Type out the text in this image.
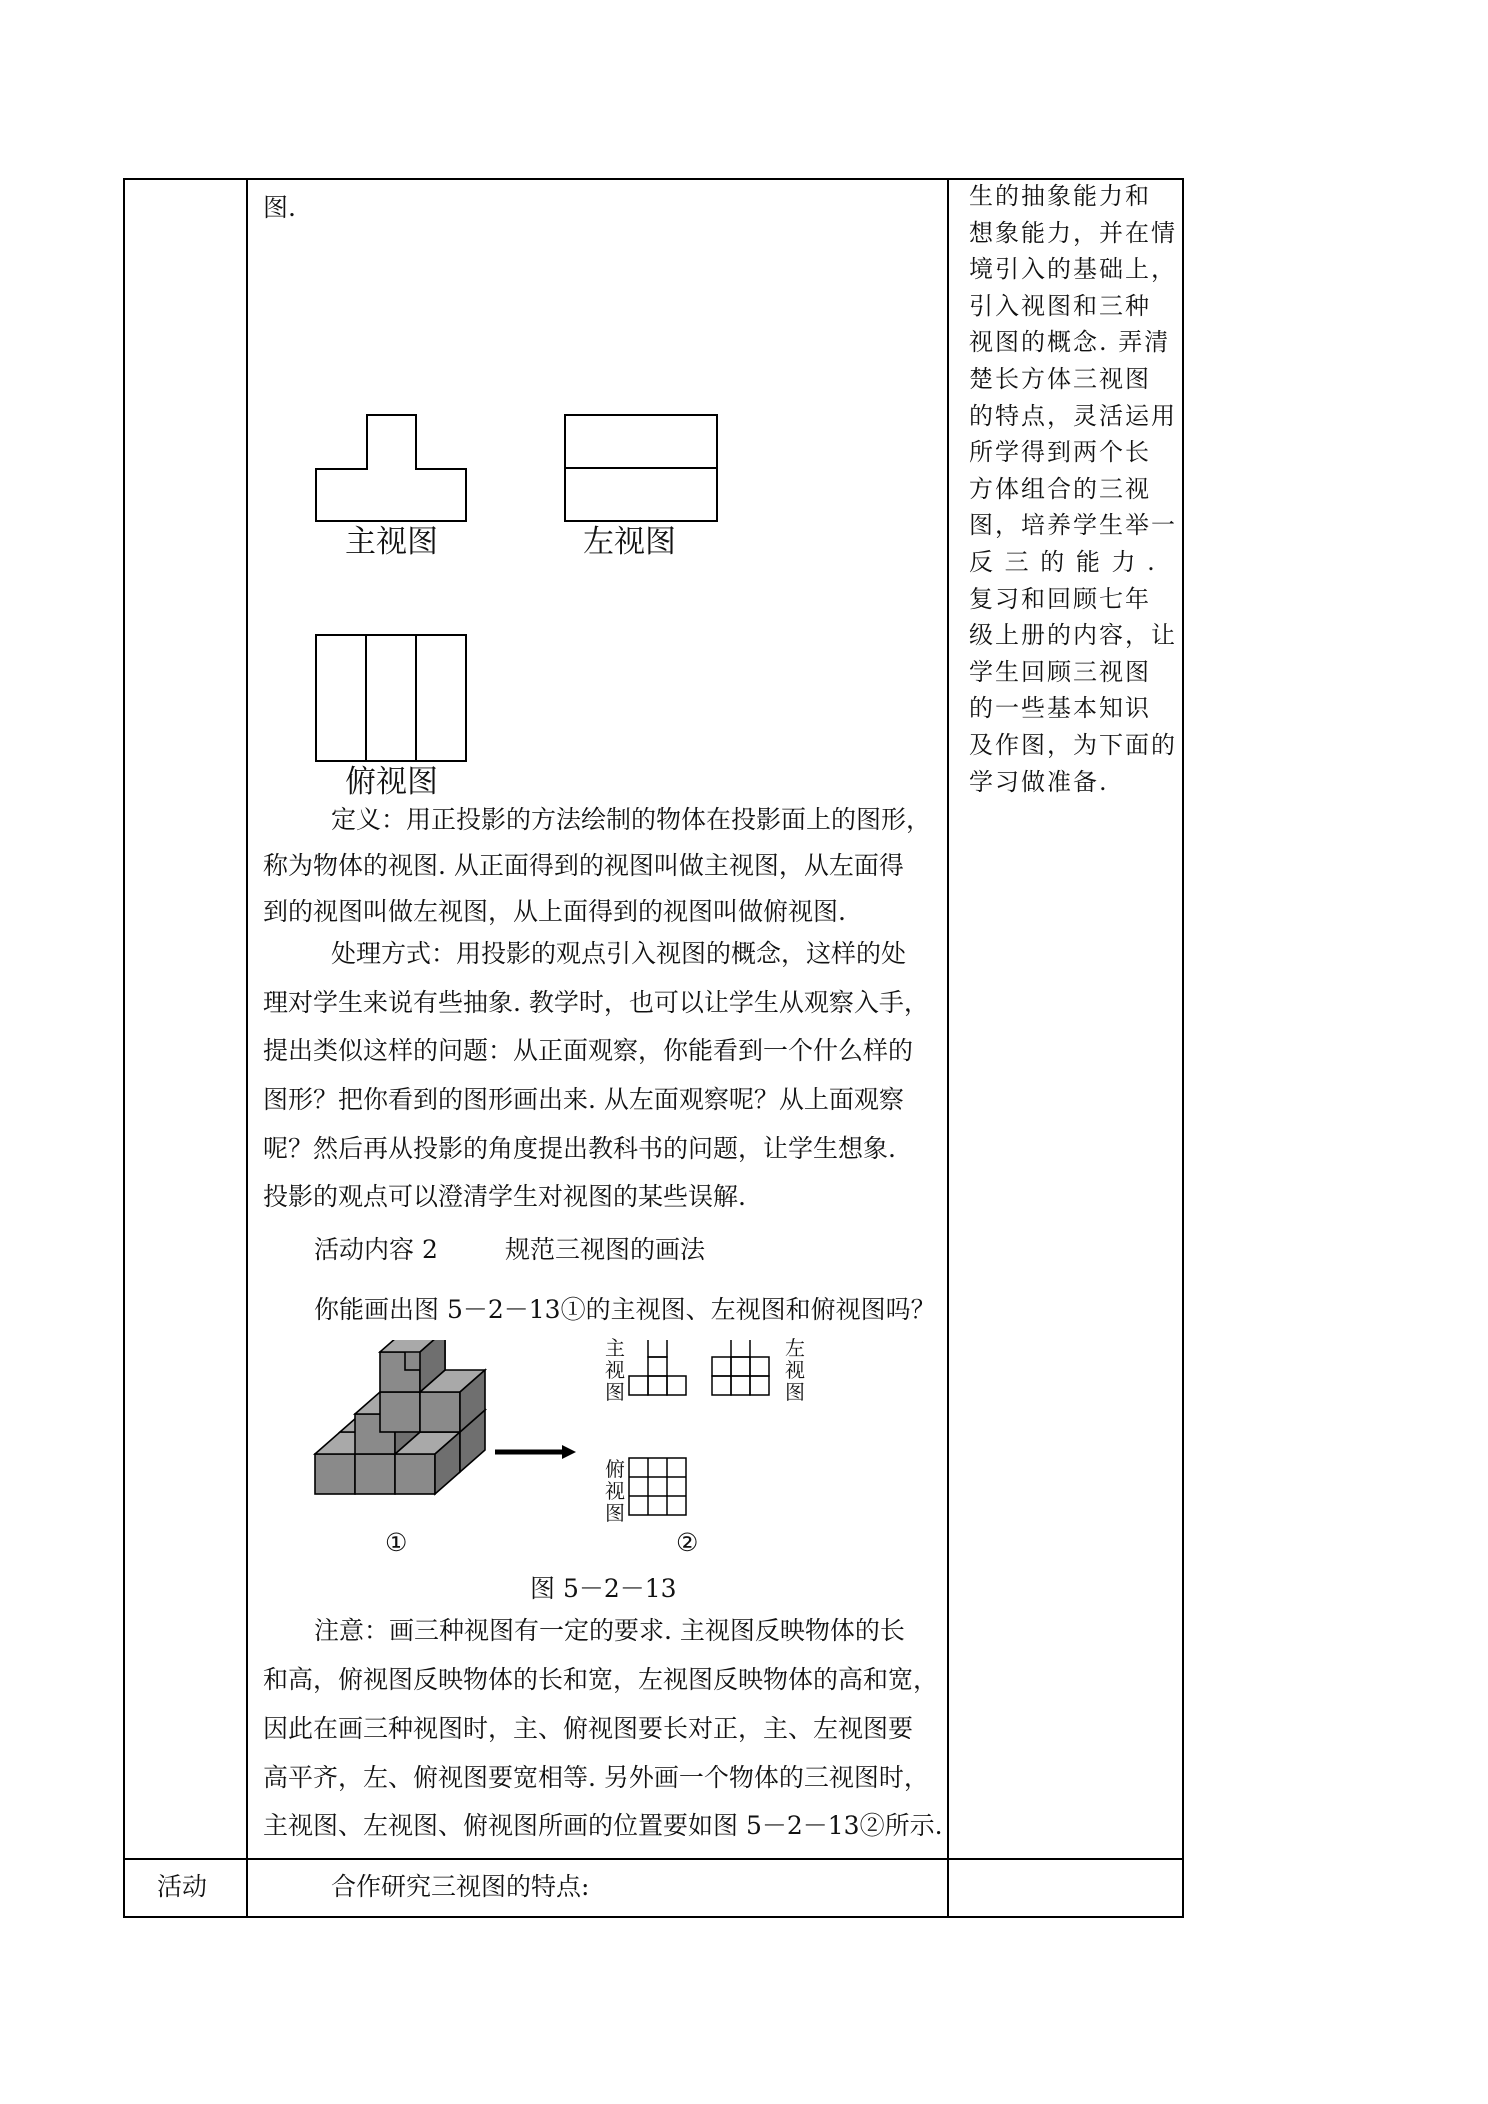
生的抽象能力和
想象能力，并在情
境引入的基础上，
引入视图和三种
视图的概念. 弄清
楚长方体三视图
的特点，灵活运用
所学得到两个长
方体组合的三视
图，培养学生举一
反 三 的 能 力 .
复习和回顾七年
级上册的内容，让
学生回顾三视图
的一些基本知识
及作图，为下面的
学习做准备.
图.
主视图	左视图
俯视图
定义：用正投影的方法绘制的物体在投影面上的图形，
称为物体的视图. 从正面得到的视图叫做主视图，从左面得
到的视图叫做左视图，从上面得到的视图叫做俯视图.
处理方式：用投影的观点引入视图的概念，这样的处
理对学生来说有些抽象. 教学时，也可以让学生从观察入手，
提出类似这样的问题：从正面观察，你能看到一个什么样的
图形？把你看到的图形画出来. 从左面观察呢？从上面观察
呢？然后再从投影的角度提出教科书的问题，让学生想象.
投影的观点可以澄清学生对视图的某些误解.
活动内容 2	规范三视图的画法
你能画出图 5－2－13①的主视图、左视图和俯视图吗？
主视图
左视图
俯视图
①	②
图 5－2－13
注意：画三种视图有一定的要求. 主视图反映物体的长
和高，俯视图反映物体的长和宽，左视图反映物体的高和宽，
因此在画三种视图时，主、俯视图要长对正，主、左视图要
高平齐，左、俯视图要宽相等. 另外画一个物体的三视图时，
主视图、左视图、俯视图所画的位置要如图 5－2－13②所示.
活动	合作研究三视图的特点:
